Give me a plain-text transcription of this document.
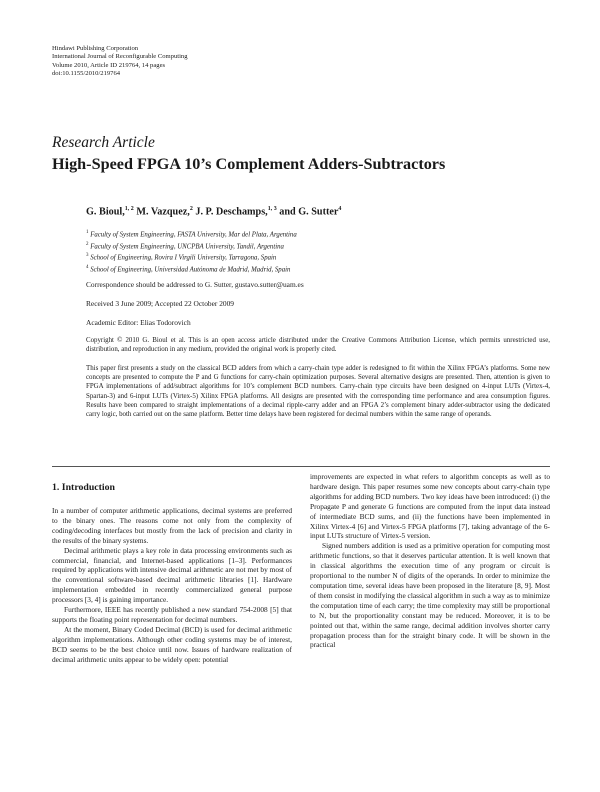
Hindawi Publishing Corporation
International Journal of Reconfigurable Computing
Volume 2010, Article ID 219764, 14 pages
doi:10.1155/2010/219764
Research Article
High-Speed FPGA 10’s Complement Adders-Subtractors
G. Bioul,$^{1, 2}$ M. Vazquez,$^2$ J. P. Deschamps,$^{1, 3}$ and G. Sutter$^4$
$^1$ Faculty of System Engineering, FASTA University, Mar del Plata, Argentina
$^2$ Faculty of System Engineering, UNCPBA University, Tandil, Argentina
$^3$ School of Engineering, Rovira I Virgili University, Tarragona, Spain
$^4$ School of Engineering, Universidad Autónoma de Madrid, Madrid, Spain
Correspondence should be addressed to G. Sutter, gustavo.sutter@uam.es
Received 3 June 2009; Accepted 22 October 2009
Academic Editor: Elias Todorovich
Copyright © 2010 G. Bioul et al. This is an open access article distributed under the Creative Commons Attribution License, which permits unrestricted use, distribution, and reproduction in any medium, provided the original work is properly cited.
This paper first presents a study on the classical BCD adders from which a carry-chain type adder is redesigned to fit within the Xilinx FPGA’s platforms. Some new concepts are presented to compute the P and G functions for carry-chain optimization purposes. Several alternative designs are presented. Then, attention is given to FPGA implementations of add/subtract algorithms for 10’s complement BCD numbers. Carry-chain type circuits have been designed on 4-input LUTs (Virtex-4, Spartan-3) and 6-input LUTs (Virtex-5) Xilinx FPGA platforms. All designs are presented with the corresponding time performance and area consumption figures. Results have been compared to straight implementations of a decimal ripple-carry adder and an FPGA 2’s complement binary adder-subtractor using the dedicated carry logic, both carried out on the same platform. Better time delays have been registered for decimal numbers within the same range of operands.
1. Introduction

In a number of computer arithmetic applications, decimal systems are preferred to the binary ones. The reasons come not only from the complexity of coding/decoding interfaces but mostly from the lack of precision and clarity in the results of the binary systems.

Decimal arithmetic plays a key role in data processing environments such as commercial, financial, and Internet-based applications [1–3]. Performances required by applications with intensive decimal arithmetic are not met by most of the conventional software-based decimal arithmetic libraries [1]. Hardware implementation embedded in recently commercialized general purpose processors [3, 4] is gaining importance.

Furthermore, IEEE has recently published a new standard 754-2008 [5] that supports the floating point representation for decimal numbers.

At the moment, Binary Coded Decimal (BCD) is used for decimal arithmetic algorithm implementations. Although other coding systems may be of interest, BCD seems to be the best choice until now. Issues of hardware realization of decimal arithmetic units appear to be widely open: potential

improvements are expected in what refers to algorithm concepts as well as to hardware design. This paper resumes some new concepts about carry-chain type algorithms for adding BCD numbers. Two key ideas have been introduced: (i) the Propagate P and generate G functions are computed from the input data instead of intermediate BCD sums, and (ii) the functions have been implemented in Xilinx Virtex-4 [6] and Virtex-5 FPGA platforms [7], taking advantage of the 6-input LUTs structure of Virtex-5 version.

Signed numbers addition is used as a primitive operation for computing most arithmetic functions, so that it deserves particular attention. It is well known that in classical algorithms the execution time of any program or circuit is proportional to the number N of digits of the operands. In order to minimize the computation time, several ideas have been proposed in the literature [8, 9]. Most of them consist in modifying the classical algorithm in such a way as to minimize the computation time of each carry; the time complexity may still be proportional to N, but the proportionality constant may be reduced. Moreover, it is to be pointed out that, within the same range, decimal addition involves shorter carry propagation process than for the straight binary code. It will be shown in the practical
